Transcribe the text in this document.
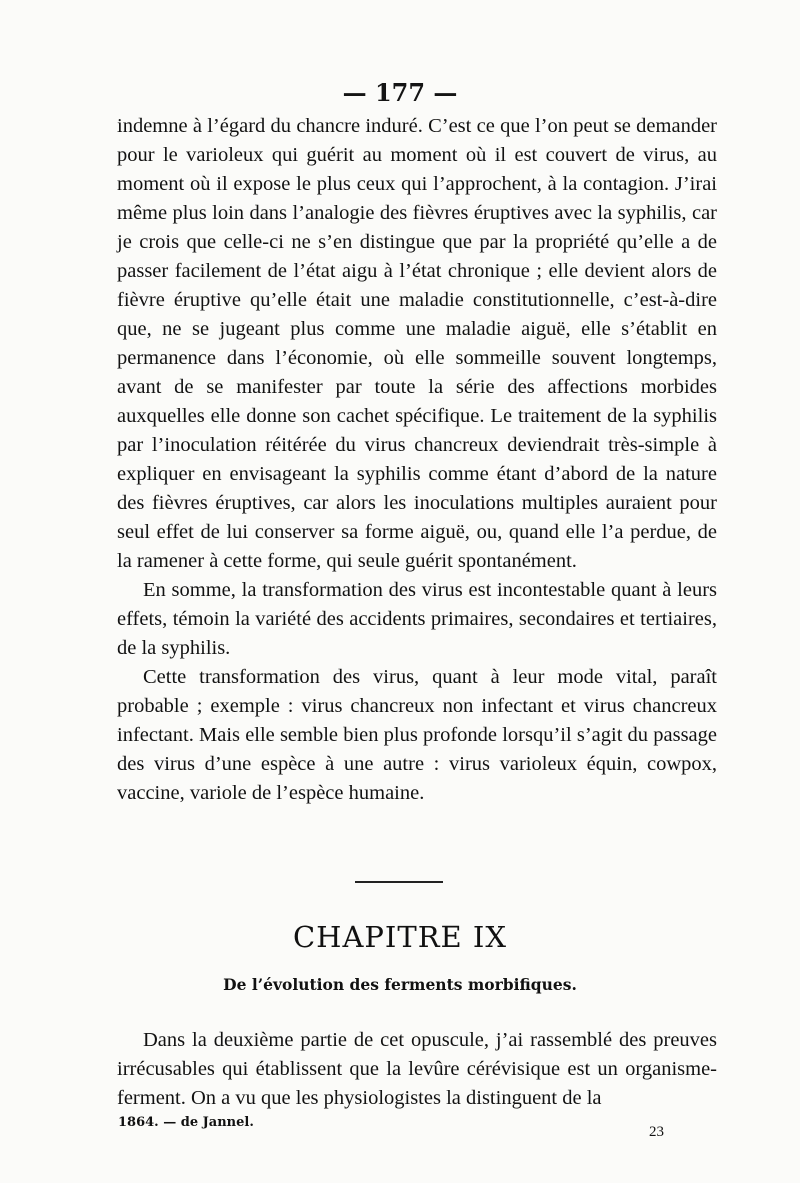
— 177 —

indemne à l’égard du chancre induré. C’est ce que l’on peut se demander pour le varioleux qui guérit au moment où il est couvert de virus, au moment où il expose le plus ceux qui l’approchent, à la contagion. J’irai même plus loin dans l’analogie des fièvres éruptives avec la syphilis, car je crois que celle-ci ne s’en distingue que par la propriété qu’elle a de passer facilement de l’état aigu à l’état chronique ; elle devient alors de fièvre éruptive qu’elle était une maladie constitutionnelle, c’est-à-dire que, ne se jugeant plus comme une maladie aiguë, elle s’établit en permanence dans l’économie, où elle sommeille souvent longtemps, avant de se manifester par toute la série des affections morbides auxquelles elle donne son cachet spécifique. Le traitement de la syphilis par l’inoculation réitérée du virus chancreux deviendrait très-simple à expliquer en envisageant la syphilis comme étant d’abord de la nature des fièvres éruptives, car alors les inoculations multiples auraient pour seul effet de lui conserver sa forme aiguë, ou, quand elle l’a perdue, de la ramener à cette forme, qui seule guérit spontanément.

En somme, la transformation des virus est incontestable quant à leurs effets, témoin la variété des accidents primaires, secondaires et tertiaires, de la syphilis.

Cette transformation des virus, quant à leur mode vital, paraît probable ; exemple : virus chancreux non infectant et virus chancreux infectant. Mais elle semble bien plus profonde lorsqu’il s’agit du passage des virus d’une espèce à une autre : virus varioleux équin, cowpox, vaccine, variole de l’espèce humaine.

CHAPITRE IX
De l’évolution des ferments morbifiques.

Dans la deuxième partie de cet opuscule, j’ai rassemblé des preuves irrécusables qui établissent que la levûre cérévisique est un organisme-ferment. On a vu que les physiologistes la distinguent de la

1864. — de Jannel.
23
